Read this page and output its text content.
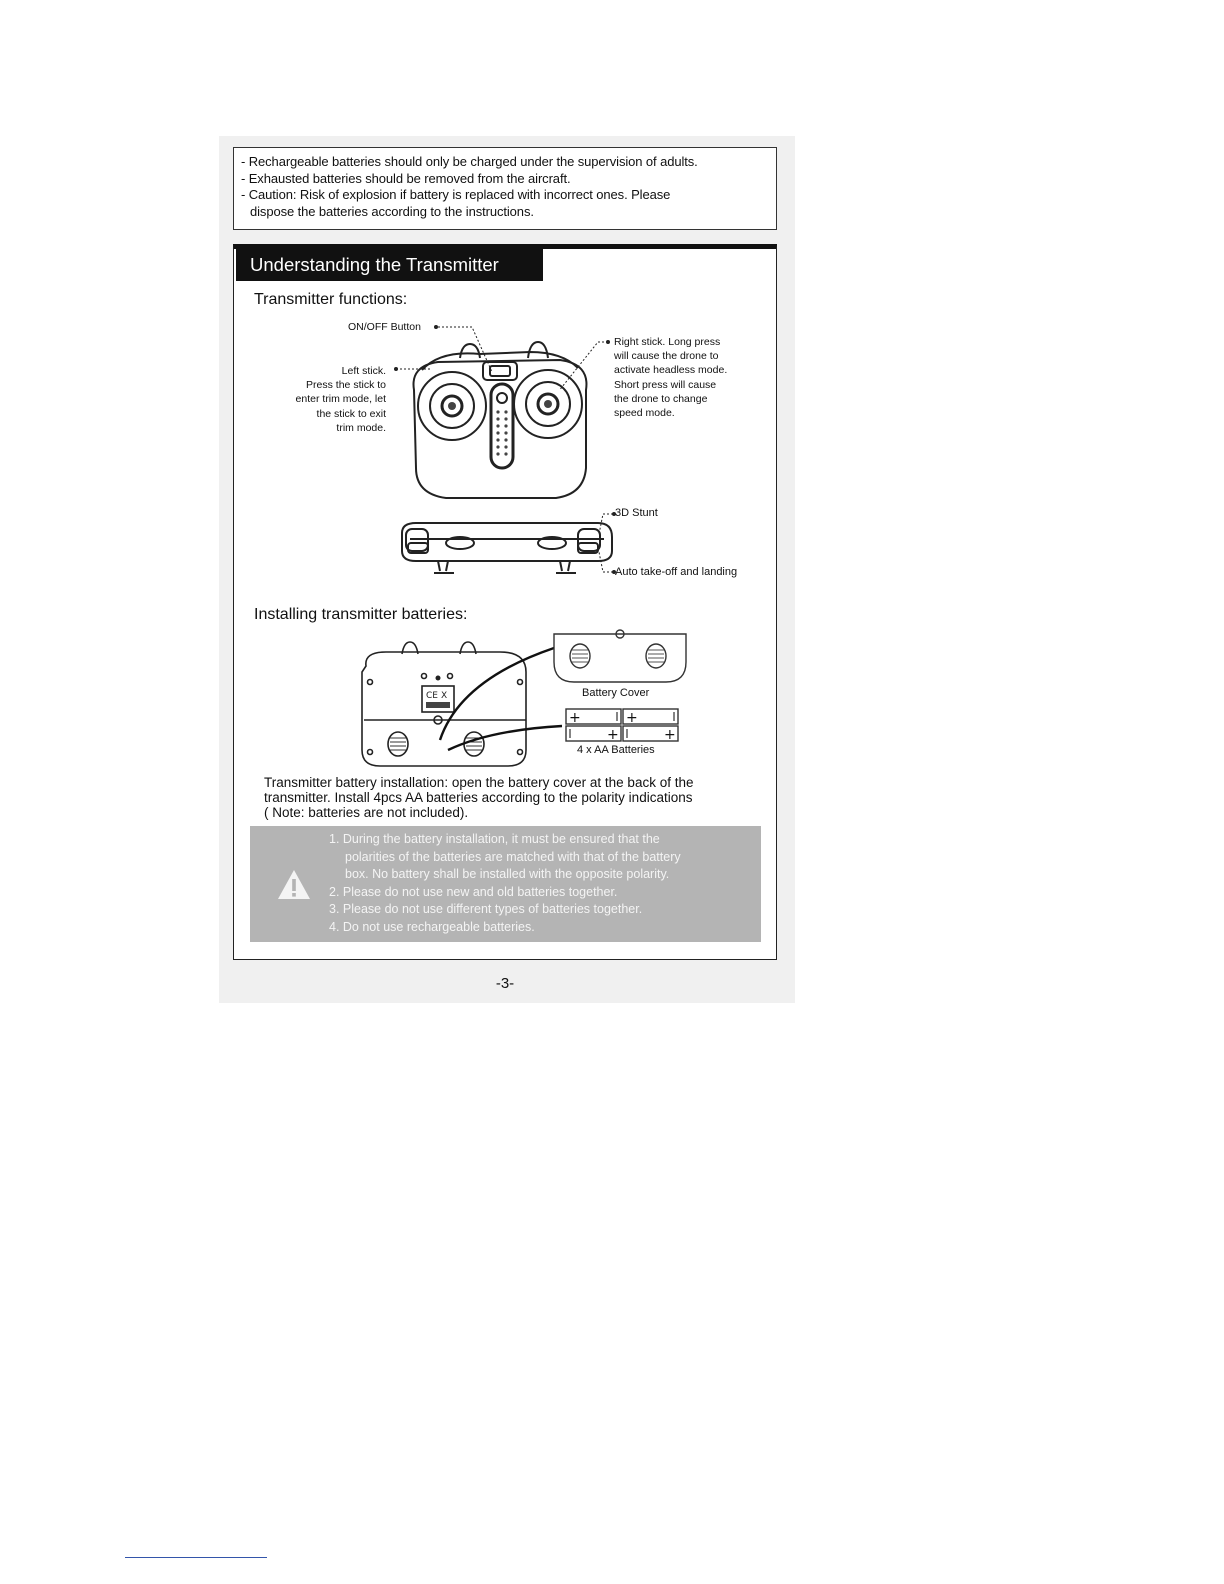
- Rechargeable batteries should only be charged under the supervision of adults.
- Exhausted batteries should be removed from the aircraft.
- Caution: Risk of explosion if battery is replaced with incorrect ones. Please
dispose the batteries according to the instructions.
Understanding the Transmitter
Transmitter functions:
ON/OFF Button
Left stick.
Press the stick to
enter trim mode, let
the stick to exit
trim mode.
Right stick. Long press
will cause the drone to
activate headless mode.
Short press will cause
the drone to change
speed mode.
3D Stunt
Auto take-off and landing
Installing transmitter batteries:
CE X	Battery Cover
+	+
+	+
4 x AA Batteries
Transmitter battery installation: open the battery cover at the back of the
transmitter. Install 4pcs AA batteries according to the polarity indications
( Note: batteries are not included).
1. During the battery installation, it must be ensured that the
polarities of the batteries are matched with that of the battery
box. No battery shall be installed with the opposite polarity.
2. Please do not use new and old batteries together.
3. Please do not use different types of batteries together.
4. Do not use rechargeable batteries.
-3-
